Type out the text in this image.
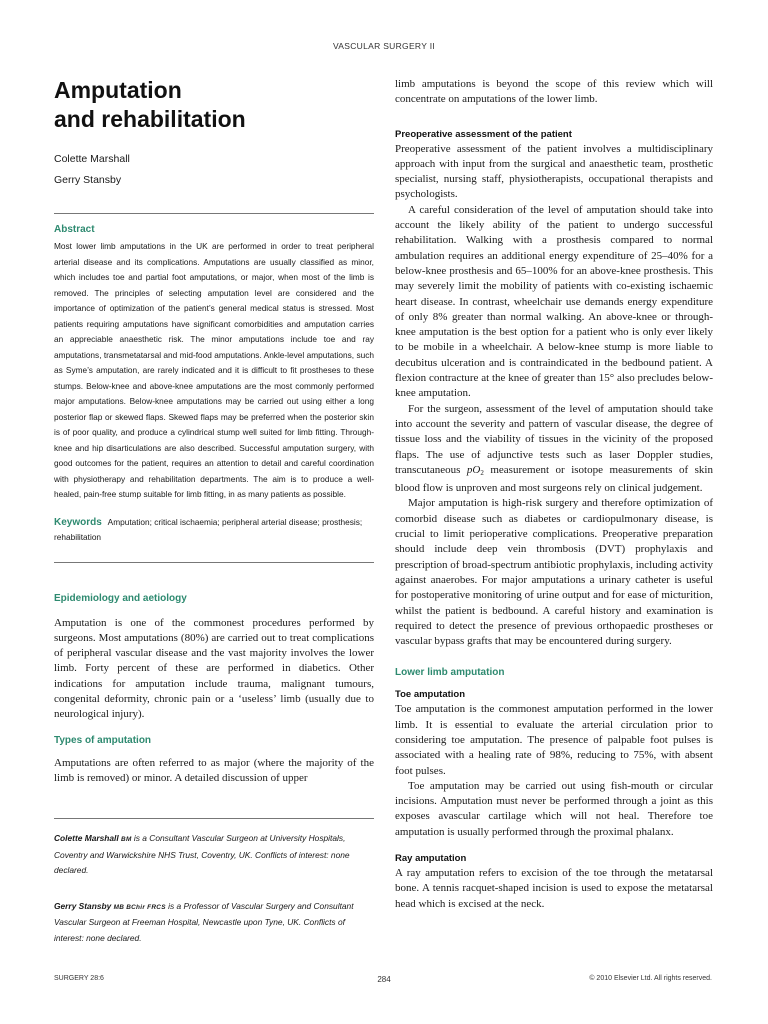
VASCULAR SURGERY II
Amputation
and rehabilitation

Colette Marshall

Gerry Stansby

Abstract

Most lower limb amputations in the UK are performed in order to treat peripheral arterial disease and its complications. Amputations are usually classified as minor, which includes toe and partial foot amputations, or major, when most of the limb is removed. The principles of selecting amputation level are considered and the importance of optimization of the patient’s general medical status is stressed. Most patients requiring amputations have significant comorbidities and amputation carries an appreciable anaesthetic risk. The minor amputations include toe and ray amputations, transmetatarsal and mid-food amputations. Ankle-level amputations, such as Syme’s amputation, are rarely indicated and it is difficult to fit prostheses to these stumps. Below-knee and above-knee amputations are the most commonly performed major amputations. Below-knee amputations may be carried out using either a long posterior flap or skewed flaps. Skewed flaps may be preferred when the posterior skin is of poor quality, and produce a cylindrical stump well suited for limb fitting. Through-knee and hip disarticulations are also described. Successful amputation surgery, with good outcomes for the patient, requires an attention to detail and careful coordination with physiotherapy and rehabilitation departments. The aim is to produce a well-healed, pain-free stump suitable for limb fitting, in as many patients as possible.

Keywords Amputation; critical ischaemia; peripheral arterial disease; prosthesis; rehabilitation
Epidemiology and aetiology

Amputation is one of the commonest procedures performed by surgeons. Most amputations (80%) are carried out to treat complications of peripheral vascular disease and the vast majority involves the lower limb. Forty percent of these are performed in diabetics. Other indications for amputation include trauma, malignant tumours, congenital deformity, chronic pain or a ‘useless’ limb (usually due to neurological injury).

Types of amputation

Amputations are often referred to as major (where the majority of the limb is removed) or minor. A detailed discussion of upper

Colette Marshall BM is a Consultant Vascular Surgeon at University Hospitals, Coventry and Warwickshire NHS Trust, Coventry, UK. Conflicts of interest: none declared.

Gerry Stansby MB BChir FRCS is a Professor of Vascular Surgery and Consultant Vascular Surgeon at Freeman Hospital, Newcastle upon Tyne, UK. Conflicts of interest: none declared.

limb amputations is beyond the scope of this review which will concentrate on amputations of the lower limb.

Preoperative assessment of the patient

Preoperative assessment of the patient involves a multidisciplinary approach with input from the surgical and anaesthetic team, prosthetic specialist, nursing staff, physiotherapists, occupational therapists and psychologists.

A careful consideration of the level of amputation should take into account the likely ability of the patient to undergo successful rehabilitation. Walking with a prosthesis compared to normal ambulation requires an additional energy expenditure of 25–40% for a below-knee prosthesis and 65–100% for an above-knee prosthesis. This may severely limit the mobility of patients with co-existing ischaemic heart disease. In contrast, wheelchair use demands energy expenditure of only 8% greater than normal walking. An above-knee or through-knee amputation is the best option for a patient who is only ever likely to be mobile in a wheelchair. A below-knee stump is more liable to decubitus ulceration and is contraindicated in the bedbound patient. A flexion contracture at the knee of greater than 15° also precludes below-knee amputation.

For the surgeon, assessment of the level of amputation should take into account the severity and pattern of vascular disease, the degree of tissue loss and the viability of tissues in the vicinity of the proposed flaps. The use of adjunctive tests such as laser Doppler studies, transcutaneous $pO_2$ measurement or isotope measurements of skin blood flow is unproven and most surgeons rely on clinical judgement.

Major amputation is high-risk surgery and therefore optimization of comorbid disease such as diabetes or cardiopulmonary disease, is crucial to limit perioperative complications. Preoperative preparation should include deep vein thrombosis (DVT) prophylaxis and prescription of broad-spectrum antibiotic prophylaxis, including activity against anaerobes. For major amputations a urinary catheter is useful for postoperative monitoring of urine output and for ease of micturition, whilst the patient is bedbound. A careful history and examination is required to detect the presence of previous orthopaedic prostheses or vascular bypass grafts that may be encountered during surgery.

Lower limb amputation
Toe amputation

Toe amputation is the commonest amputation performed in the lower limb. It is essential to evaluate the arterial circulation prior to considering toe amputation. The presence of palpable foot pulses is associated with a healing rate of 98%, reducing to 75%, with absent foot pulses.

Toe amputation may be carried out using fish-mouth or circular incisions. Amputation must never be performed through a joint as this exposes avascular cartilage which will not heal. Therefore toe amputation is usually performed through the proximal phalanx.

Ray amputation

A ray amputation refers to excision of the toe through the metatarsal bone. A tennis racquet-shaped incision is used to expose the metatarsal head which is excised at the neck.

SURGERY 28:6	284	© 2010 Elsevier Ltd. All rights reserved.
